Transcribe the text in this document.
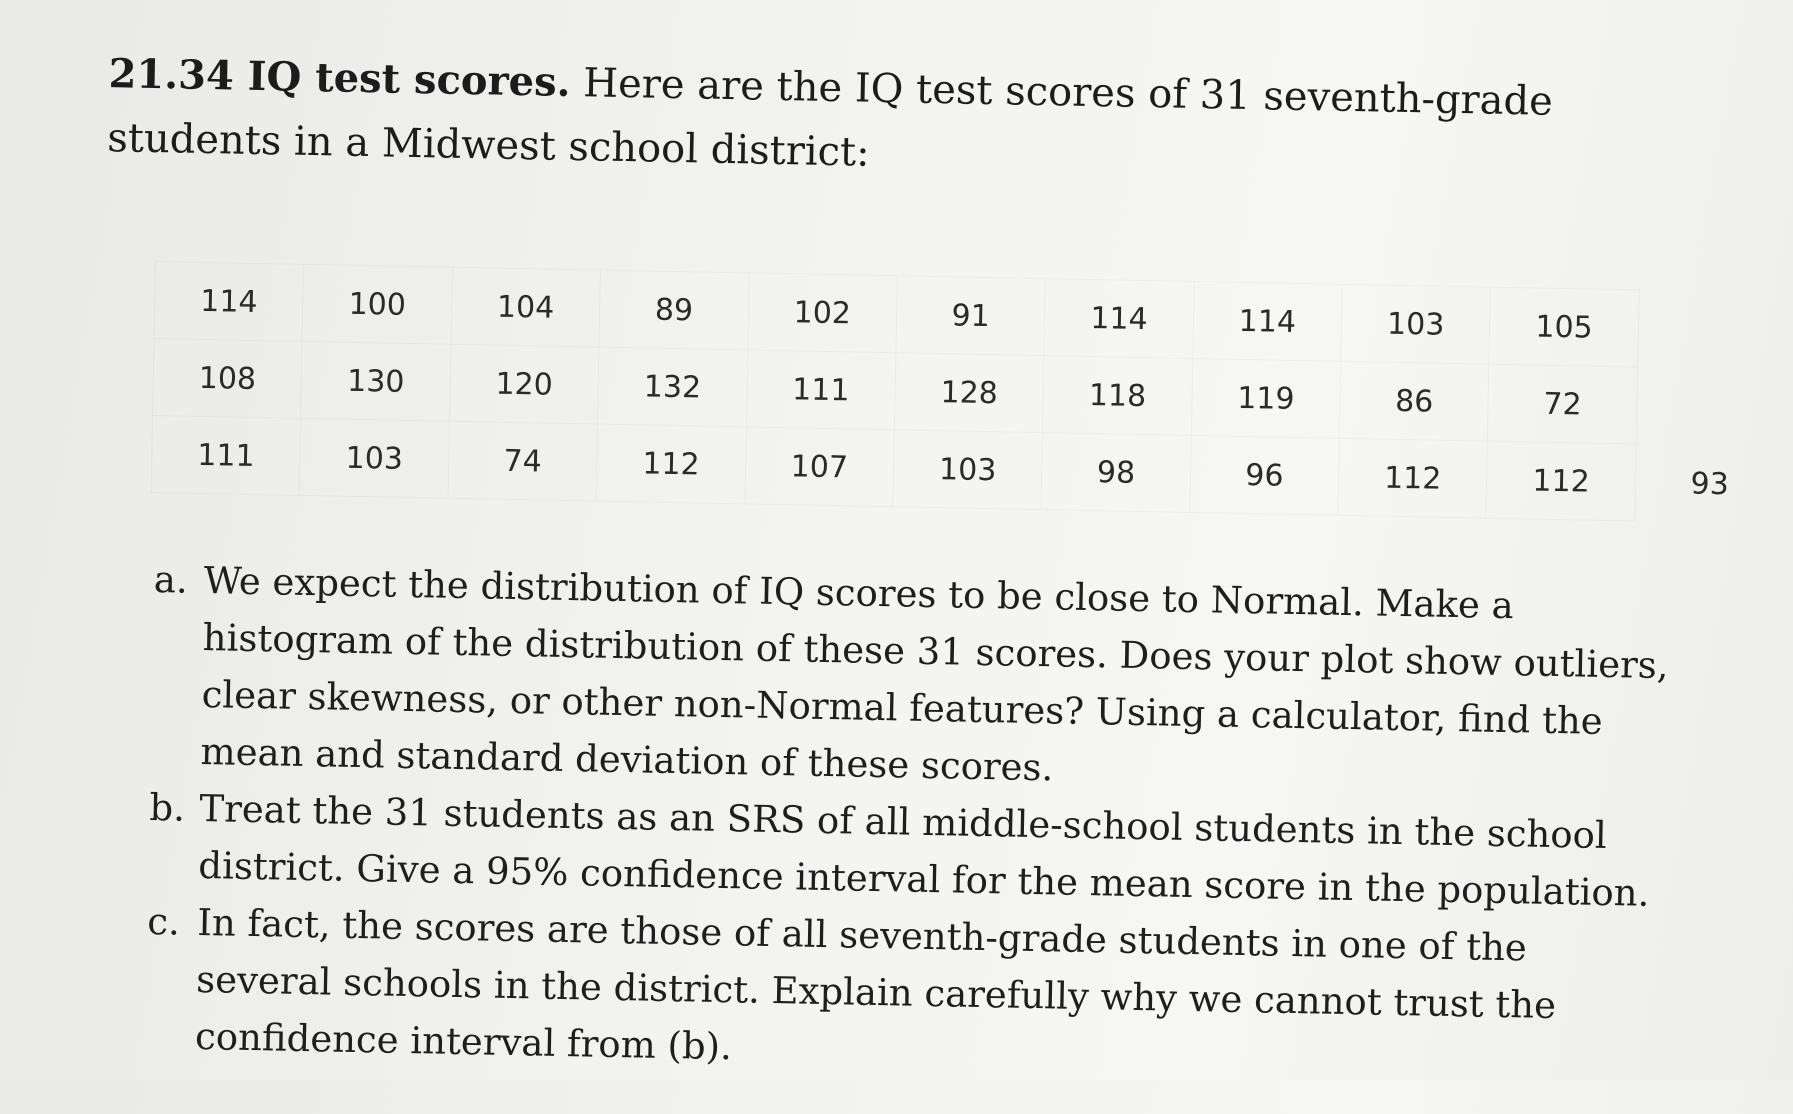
21.34 IQ test scores. Here are the IQ test scores of 31 seventh-grade students in a Midwest school district:

114	100	104	89	102	91	114	114	103	105	
108	130	120	132	111	128	118	119	86	72	
111	103	74	112	107	103	98	96	112	112	93
a. We expect the distribution of IQ scores to be close to Normal. Make a histogram of the distribution of these 31 scores. Does your plot show outliers, clear skewness, or other non-Normal features? Using a calculator, find the mean and standard deviation of these scores.
b. Treat the 31 students as an SRS of all middle-school students in the school district. Give a 95% confidence interval for the mean score in the population.
c. In fact, the scores are those of all seventh-grade students in one of the several schools in the district. Explain carefully why we cannot trust the confidence interval from (b).
